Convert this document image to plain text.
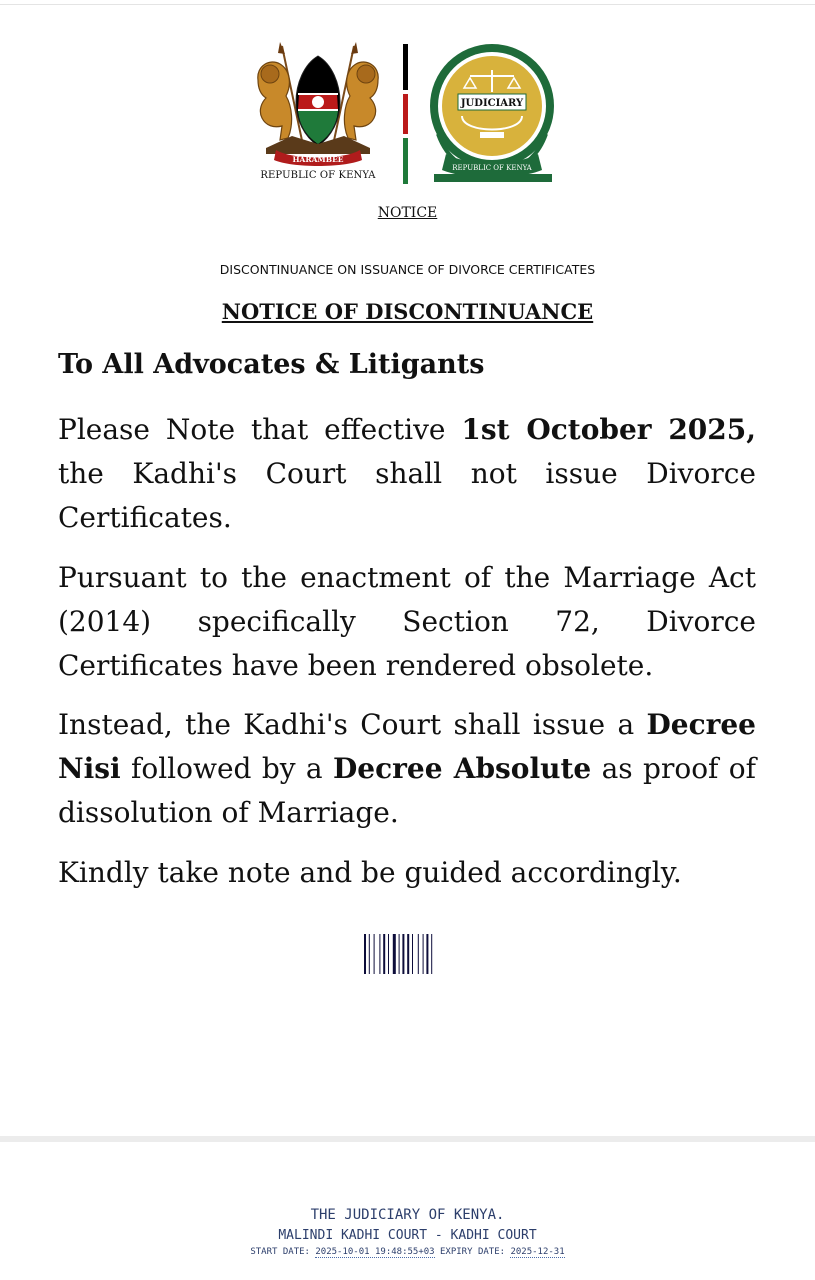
HARAMBEE
REPUBLIC OF KENYA
JUDICIARY
REPUBLIC OF KENYA
NOTICE
DISCONTINUANCE ON ISSUANCE OF DIVORCE CERTIFICATES
NOTICE OF DISCONTINUANCE
To All Advocates & Litigants

Please Note that effective 1st October 2025, the Kadhi's Court shall not issue Divorce Certificates.

Pursuant to the enactment of the Marriage Act (2014) specifically Section 72, Divorce Certificates have been rendered obsolete.

Instead, the Kadhi's Court shall issue a Decree Nisi followed by a Decree Absolute as proof of dissolution of Marriage.

Kindly take note and be guided accordingly.

THE JUDICIARY OF KENYA.
MALINDI KADHI COURT - KADHI COURT
START DATE: 2025-10-01 19:48:55+03 EXPIRY DATE: 2025-12-31
